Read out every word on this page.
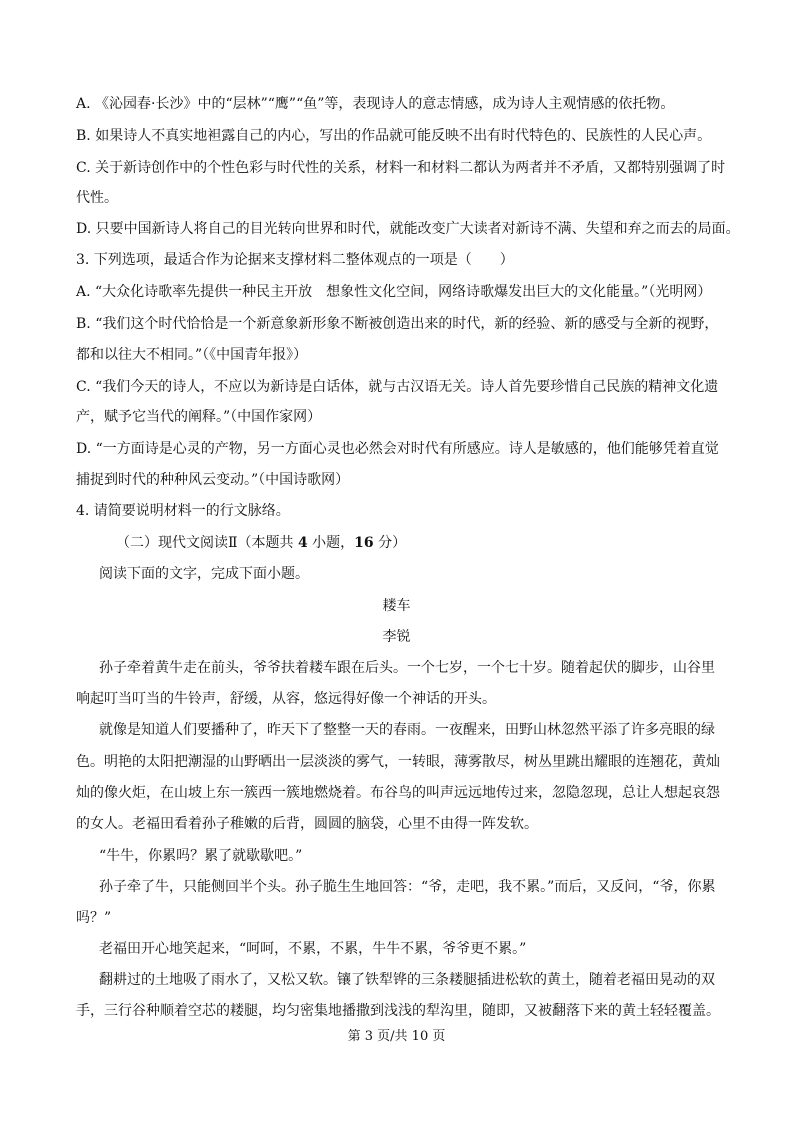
A. 《沁园春·长沙》中的“层林”“鹰”“鱼”等，表现诗人的意志情感，成为诗人主观情感的依托物。
B. 如果诗人不真实地袒露自己的内心，写出的作品就可能反映不出有时代特色的、民族性的人民心声。
C. 关于新诗创作中的个性色彩与时代性的关系，材料一和材料二都认为两者并不矛盾，又都特别强调了时
代性。
D. 只要中国新诗人将自己的目光转向世界和时代，就能改变广大读者对新诗不满、失望和弃之而去的局面。
3. 下列选项，最适合作为论据来支撑材料二整体观点的一项是（　　）
A. “大众化诗歌率先提供一种民主开放　想象性文化空间，网络诗歌爆发出巨大的文化能量。”（光明网）
B. “我们这个时代恰恰是一个新意象新形象不断被创造出来的时代，新的经验、新的感受与全新的视野，
都和以往大不相同。”（《中国青年报》）
C. “我们今天的诗人，不应以为新诗是白话体，就与古汉语无关。诗人首先要珍惜自己民族的精神文化遗
产，赋予它当代的阐释。”（中国作家网）
D. “一方面诗是心灵的产物，另一方面心灵也必然会对时代有所感应。诗人是敏感的，他们能够凭着直觉
捕捉到时代的种种风云变动。”（中国诗歌网）
4. 请简要说明材料一的行文脉络。
（二）现代文阅读Ⅱ（本题共 4 小题，16 分）
阅读下面的文字，完成下面小题。
耧车
李锐
孙子牵着黄牛走在前头，爷爷扶着耧车跟在后头。一个七岁，一个七十岁。随着起伏的脚步，山谷里
响起叮当叮当的牛铃声，舒缓，从容，悠远得好像一个神话的开头。
就像是知道人们要播种了，昨天下了整整一天的春雨。一夜醒来，田野山林忽然平添了许多亮眼的绿
色。明艳的太阳把潮湿的山野晒出一层淡淡的雾气，一转眼，薄雾散尽，树丛里跳出耀眼的连翘花，黄灿
灿的像火炬，在山坡上东一簇西一簇地燃烧着。布谷鸟的叫声远远地传过来，忽隐忽现，总让人想起哀怨
的女人。老福田看着孙子稚嫩的后背，圆圆的脑袋，心里不由得一阵发软。
“牛牛，你累吗？累了就歇歇吧。”
孙子牵了牛，只能侧回半个头。孙子脆生生地回答：“爷，走吧，我不累。”而后，又反问，“爷，你累
吗？”
老福田开心地笑起来，“呵呵，不累，不累，牛牛不累，爷爷更不累。”
翻耕过的土地吸了雨水了，又松又软。镶了铁犁铧的三条耧腿插进松软的黄土，随着老福田晃动的双
手，三行谷种顺着空芯的耧腿，均匀密集地播撒到浅浅的犁沟里，随即，又被翻落下来的黄土轻轻覆盖。
第 3 页/共 10 页
